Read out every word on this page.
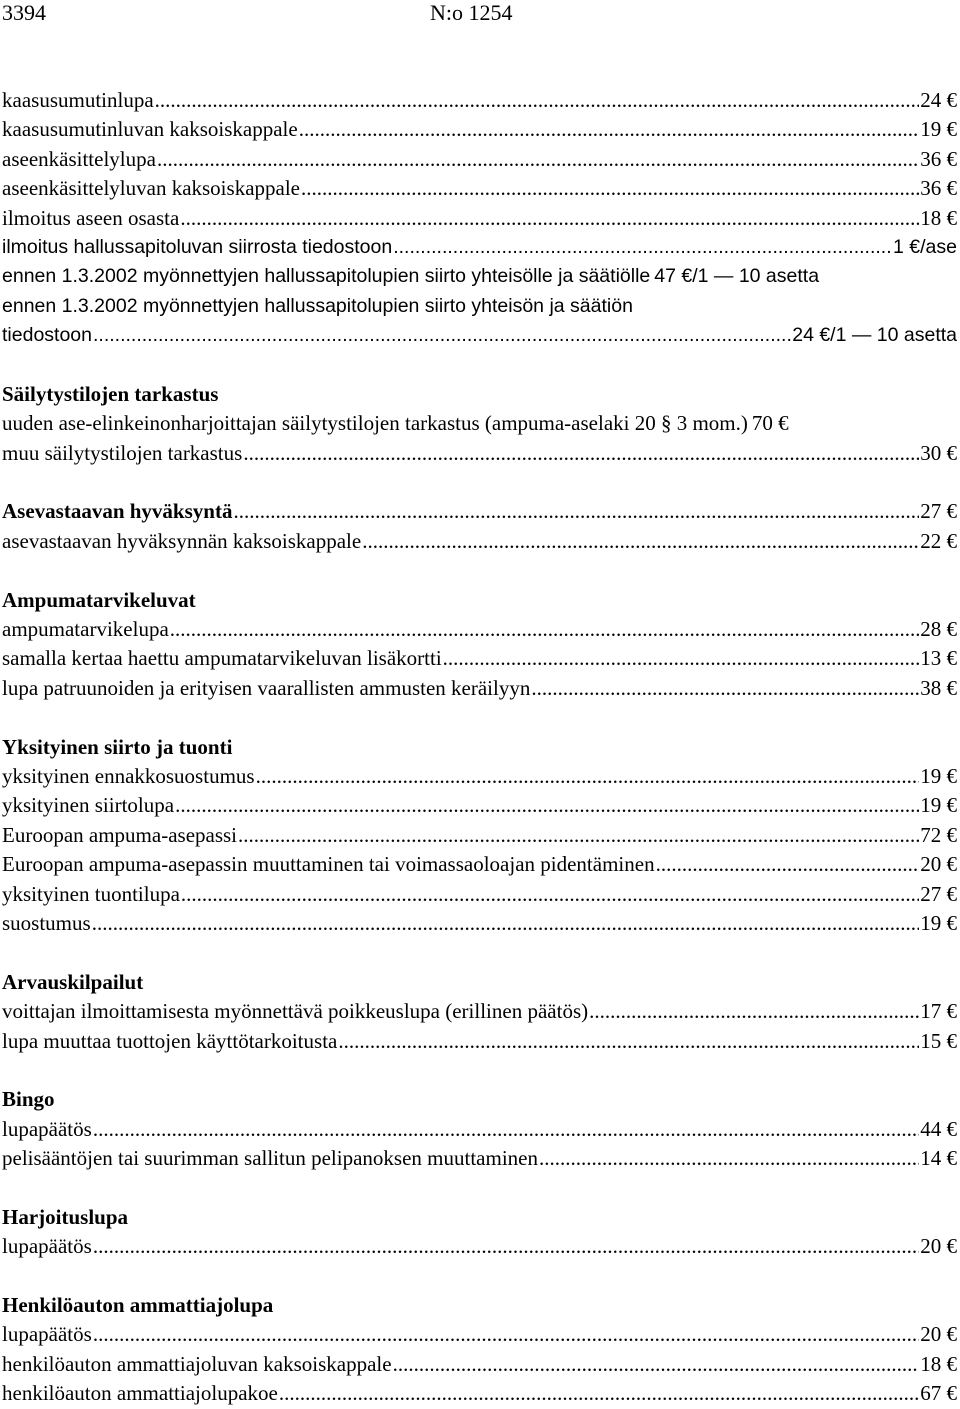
3394	N:o 1254
kaasusumutinlupa .....	24 €
kaasusumutinluvan kaksoiskappale .....	19 €
aseenkäsittelylupa .....	36 €
aseenkäsittelyluvan kaksoiskappale .....	36 €
ilmoitus aseen osasta .....	18 €
ilmoitus hallussapitoluvan siirrosta tiedostoon .....	1 €/ase
ennen 1.3.2002 myönnettyjen hallussapitolupien siirto yhteisölle ja säätiölle 47 €/1 — 10 asetta
ennen 1.3.2002 myönnettyjen hallussapitolupien siirto yhteisön ja säätiön
tiedostoon .....	24 €/1 — 10 asetta
Säilytystilojen tarkastus
uuden ase-elinkeinonharjoittajan säilytystilojen tarkastus (ampuma-aselaki 20 § 3 mom.) 70 €
muu säilytystilojen tarkastus .....	30 €
Asevastaavan hyväksyntä .....	27 €
asevastaavan hyväksynnän kaksoiskappale .....	22 €
Ampumatarvikeluvat
ampumatarvikelupa .....	28 €
samalla kertaa haettu ampumatarvikeluvan lisäkortti .....	13 €
lupa patruunoiden ja erityisen vaarallisten ammusten keräilyyn .....	38 €
Yksityinen siirto ja tuonti
yksityinen ennakkosuostumus .....	19 €
yksityinen siirtolupa .....	19 €
Euroopan ampuma-asepassi .....	72 €
Euroopan ampuma-asepassin muuttaminen tai voimassaoloajan pidentäminen .....	20 €
yksityinen tuontilupa .....	27 €
suostumus .....	19 €
Arvauskilpailut
voittajan ilmoittamisesta myönnettävä poikkeuslupa (erillinen päätös) .....	17 €
lupa muuttaa tuottojen käyttötarkoitusta .....	15 €
Bingo
lupapäätös .....	44 €
pelisääntöjen tai suurimman sallitun pelipanoksen muuttaminen .....	14 €
Harjoituslupa
lupapäätös .....	20 €
Henkilöauton ammattiajolupa
lupapäätös .....	20 €
henkilöauton ammattiajoluvan kaksoiskappale .....	18 €
henkilöauton ammattiajolupakoe .....	67 €
